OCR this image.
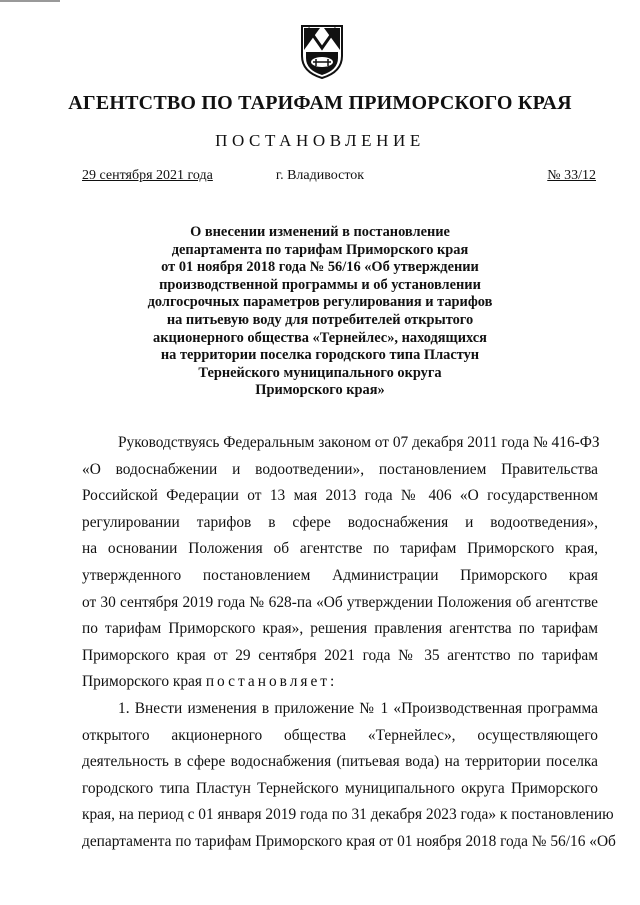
АГЕНТСТВО ПО ТАРИФАМ ПРИМОРСКОГО КРАЯ
ПОСТАНОВЛЕНИЕ
29 сентября 2021 года	г. Владивосток	№ 33/12
О внесении изменений в постановление
департамента по тарифам Приморского края
от 01 ноября 2018 года № 56/16 «Об утверждении
производственной программы и об установлении
долгосрочных параметров регулирования и тарифов
на питьевую воду для потребителей открытого
акционерного общества «Тернейлес», находящихся
на территории поселка городского типа Пластун
Тернейского муниципального округа
Приморского края»
Руководствуясь Федеральным законом от 07 декабря 2011 года № 416-ФЗ
«О водоснабжении и водоотведении», постановлением Правительства
Российской Федерации от 13 мая 2013 года № 406 «О государственном
регулировании тарифов в сфере водоснабжения и водоотведения»,
на основании Положения об агентстве по тарифам Приморского края,
утвержденного постановлением Администрации Приморского края
от 30 сентября 2019 года № 628-па «Об утверждении Положения об агентстве
по тарифам Приморского края», решения правления агентства по тарифам
Приморского края от 29 сентября 2021 года № 35 агентство по тарифам
Приморского края постановляет:
1. Внести изменения в приложение № 1 «Производственная программа
открытого акционерного общества «Тернейлес», осуществляющего
деятельность в сфере водоснабжения (питьевая вода) на территории поселка
городского типа Пластун Тернейского муниципального округа Приморского
края, на период с 01 января 2019 года по 31 декабря 2023 года» к постановлению
департамента по тарифам Приморского края от 01 ноября 2018 года № 56/16 «Об
